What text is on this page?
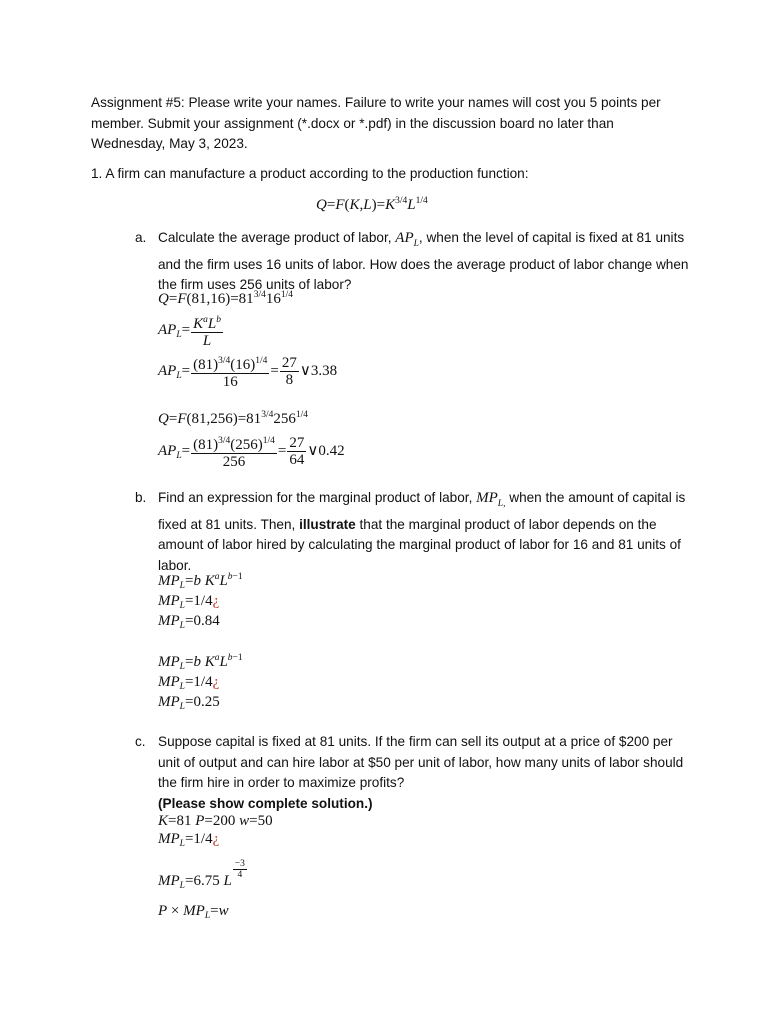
Assignment #5: Please write your names. Failure to write your names will cost you 5 points per
member. Submit your assignment (*.docx or *.pdf) in the discussion board no later than
Wednesday, May 3, 2023.
1. A firm can manufacture a product according to the production function:
$Q=F(K,L)=K^{3/4}L^{1/4}$
a. Calculate the average product of labor, $AP_L$, when the level of capital is fixed at 81 units and the firm uses 16 units of labor. How does the average product of labor change when the firm uses 256 units of labor?
$Q=F(81,16)=81^{3/4}16^{1/4}$
$AP_L= \frac{K^aL^b}{L}$
$AP_L= \frac{(81)^{3/4}(16)^{1/4}}{16} = \frac{27}{8}$ ∨3.38
$Q=F(81,256)=81^{3/4}256^{1/4}$
$AP_L= \frac{(81)^{3/4}(256)^{1/4}}{256} = \frac{27}{64}$ ∨0.42
b. Find an expression for the marginal product of labor, $MP_{L,}$ when the amount of capital is fixed at 81 units. Then, illustrate that the marginal product of labor depends on the amount of labor hired by calculating the marginal product of labor for 16 and 81 units of labor.
$MP_L=b$ $K^aL^{b-1}$
$MP_L=1/4¿$
$MP_L=0.84$
$MP_L=b$ $K^aL^{b-1}$
$MP_L=1/4¿$
$MP_L=0.25$
c. Suppose capital is fixed at 81 units. If the firm can sell its output at a price of $200 per unit of output and can hire labor at $50 per unit of labor, how many units of labor should the firm hire in order to maximize profits?
(Please show complete solution.)
K=81 P=200 w=50
$MP_L=1/4¿$
$MP_L=6.75$ L
$\frac{-3}{4}$
$P \times MP_L=w$
